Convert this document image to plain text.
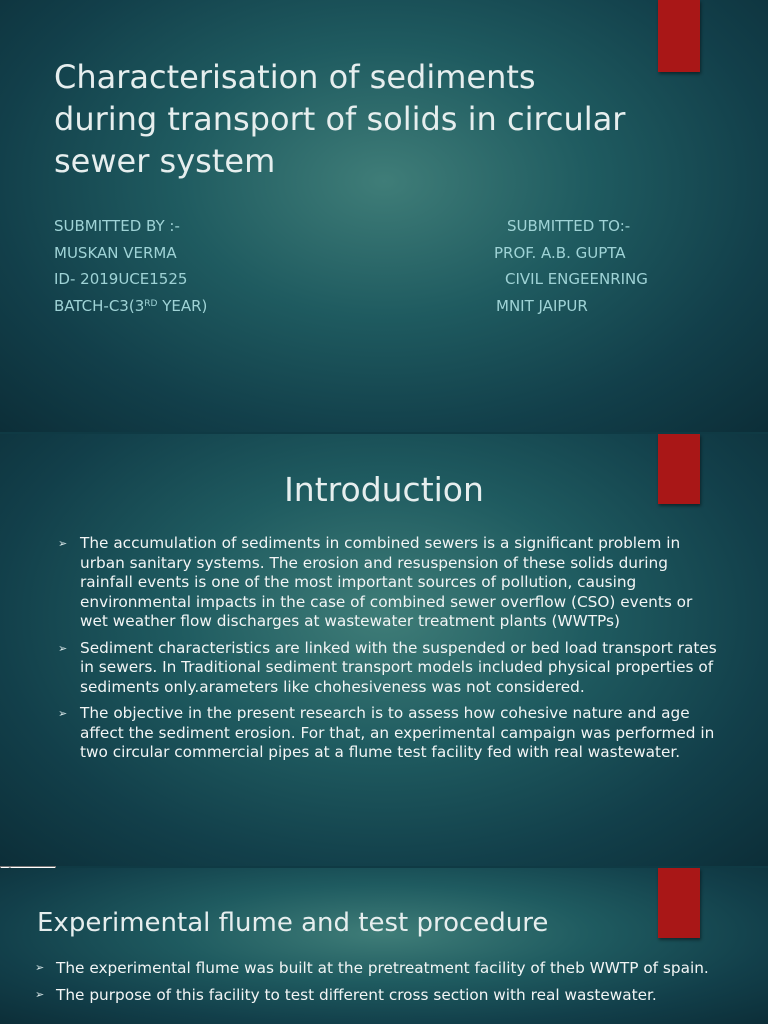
Characterisation of sediments during transport of solids in circular sewer system
SUBMITTED BY :-
MUSKAN VERMA
ID- 2019UCE1525
BATCH-C3(3RD YEAR)
SUBMITTED TO:-
PROF. A.B. GUPTA
CIVIL ENGEENRING
MNIT JAIPUR
Introduction
➢ The accumulation of sediments in combined sewers is a significant problem in urban sanitary systems. The erosion and resuspension of these solids during rainfall events is one of the most important sources of pollution, causing environmental impacts in the case of combined sewer overflow (CSO) events or wet weather flow discharges at wastewater treatment plants (WWTPs)
➢ Sediment characteristics are linked with the suspended or bed load transport rates in sewers. In Traditional sediment transport models included physical properties of sediments only.arameters like chohesiveness was not considered.
➢ The objective in the present research is to assess how cohesive nature and age affect the sediment erosion. For that, an experimental campaign was performed in two circular commercial pipes at a flume test facility fed with real wastewater.
Experimental flume and test procedure
➢ The experimental flume was built at the pretreatment facility of theb WWTP of spain.
➢ The purpose of this facility to test different cross section with real wastewater.
